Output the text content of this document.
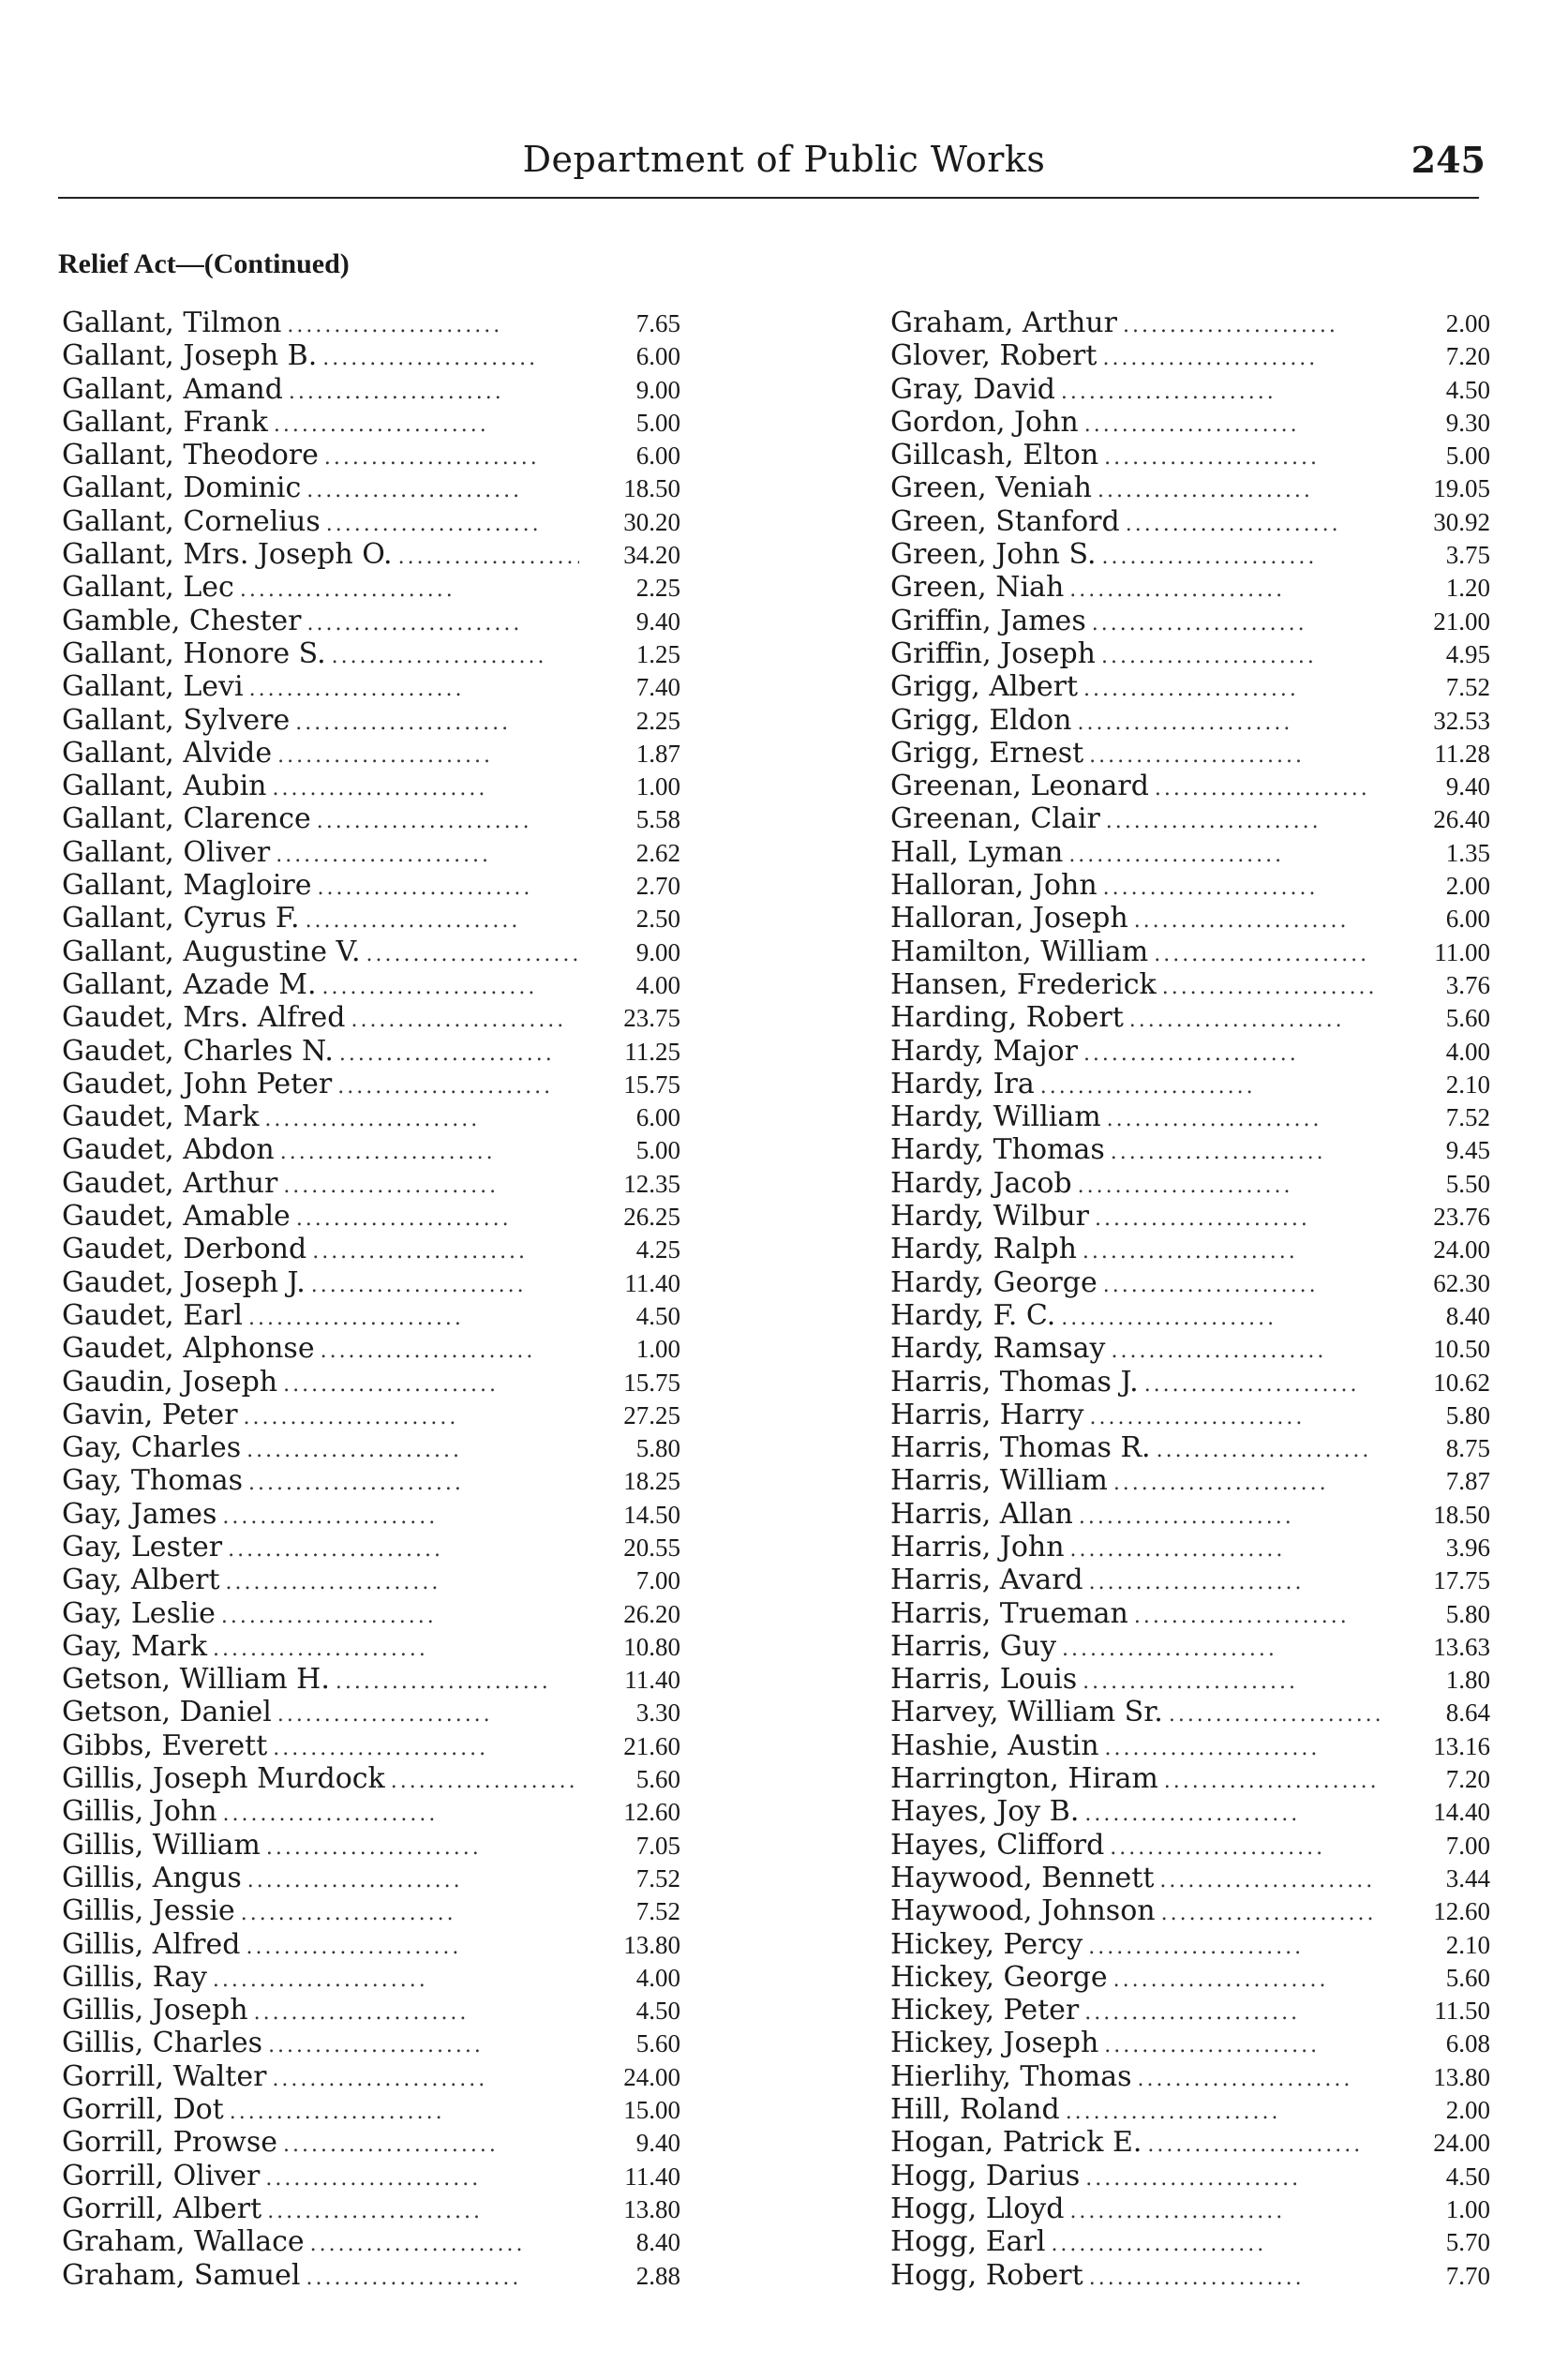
Department of Public Works	245
Relief Act—(Continued)
Gallant, Tilmon .....	7.65
Gallant, Joseph B. .....	6.00
Gallant, Amand .....	9.00
Gallant, Frank .....	5.00
Gallant, Theodore .....	6.00
Gallant, Dominic .....	18.50
Gallant, Cornelius .....	30.20
Gallant, Mrs. Joseph O. .....	34.20
Gallant, Lec .....	2.25
Gamble, Chester .....	9.40
Gallant, Honore S. .....	1.25
Gallant, Levi .....	7.40
Gallant, Sylvere .....	2.25
Gallant, Alvide .....	1.87
Gallant, Aubin .....	1.00
Gallant, Clarence .....	5.58
Gallant, Oliver .....	2.62
Gallant, Magloire .....	2.70
Gallant, Cyrus F. .....	2.50
Gallant, Augustine V. .....	9.00
Gallant, Azade M. .....	4.00
Gaudet, Mrs. Alfred .....	23.75
Gaudet, Charles N. .....	11.25
Gaudet, John Peter .....	15.75
Gaudet, Mark .....	6.00
Gaudet, Abdon .....	5.00
Gaudet, Arthur .....	12.35
Gaudet, Amable .....	26.25
Gaudet, Derbond .....	4.25
Gaudet, Joseph J. .....	11.40
Gaudet, Earl .....	4.50
Gaudet, Alphonse .....	1.00
Gaudin, Joseph .....	15.75
Gavin, Peter .....	27.25
Gay, Charles .....	5.80
Gay, Thomas .....	18.25
Gay, James .....	14.50
Gay, Lester .....	20.55
Gay, Albert .....	7.00
Gay, Leslie .....	26.20
Gay, Mark .....	10.80
Getson, William H. .....	11.40
Getson, Daniel .....	3.30
Gibbs, Everett .....	21.60
Gillis, Joseph Murdock .....	5.60
Gillis, John .....	12.60
Gillis, William .....	7.05
Gillis, Angus .....	7.52
Gillis, Jessie .....	7.52
Gillis, Alfred .....	13.80
Gillis, Ray .....	4.00
Gillis, Joseph .....	4.50
Gillis, Charles .....	5.60
Gorrill, Walter .....	24.00
Gorrill, Dot .....	15.00
Gorrill, Prowse .....	9.40
Gorrill, Oliver .....	11.40
Gorrill, Albert .....	13.80
Graham, Wallace .....	8.40
Graham, Samuel .....	2.88
Graham, Arthur .....	2.00
Glover, Robert .....	7.20
Gray, David .....	4.50
Gordon, John .....	9.30
Gillcash, Elton .....	5.00
Green, Veniah .....	19.05
Green, Stanford .....	30.92
Green, John S. .....	3.75
Green, Niah .....	1.20
Griffin, James .....	21.00
Griffin, Joseph .....	4.95
Grigg, Albert .....	7.52
Grigg, Eldon .....	32.53
Grigg, Ernest .....	11.28
Greenan, Leonard .....	9.40
Greenan, Clair .....	26.40
Hall, Lyman .....	1.35
Halloran, John .....	2.00
Halloran, Joseph .....	6.00
Hamilton, William .....	11.00
Hansen, Frederick .....	3.76
Harding, Robert .....	5.60
Hardy, Major .....	4.00
Hardy, Ira .....	2.10
Hardy, William .....	7.52
Hardy, Thomas .....	9.45
Hardy, Jacob .....	5.50
Hardy, Wilbur .....	23.76
Hardy, Ralph .....	24.00
Hardy, George .....	62.30
Hardy, F. C. .....	8.40
Hardy, Ramsay .....	10.50
Harris, Thomas J. .....	10.62
Harris, Harry .....	5.80
Harris, Thomas R. .....	8.75
Harris, William .....	7.87
Harris, Allan .....	18.50
Harris, John .....	3.96
Harris, Avard .....	17.75
Harris, Trueman .....	5.80
Harris, Guy .....	13.63
Harris, Louis .....	1.80
Harvey, William Sr. .....	8.64
Hashie, Austin .....	13.16
Harrington, Hiram .....	7.20
Hayes, Joy B. .....	14.40
Hayes, Clifford .....	7.00
Haywood, Bennett .....	3.44
Haywood, Johnson .....	12.60
Hickey, Percy .....	2.10
Hickey, George .....	5.60
Hickey, Peter .....	11.50
Hickey, Joseph .....	6.08
Hierlihy, Thomas .....	13.80
Hill, Roland .....	2.00
Hogan, Patrick E. .....	24.00
Hogg, Darius .....	4.50
Hogg, Lloyd .....	1.00
Hogg, Earl .....	5.70
Hogg, Robert .....	7.70
